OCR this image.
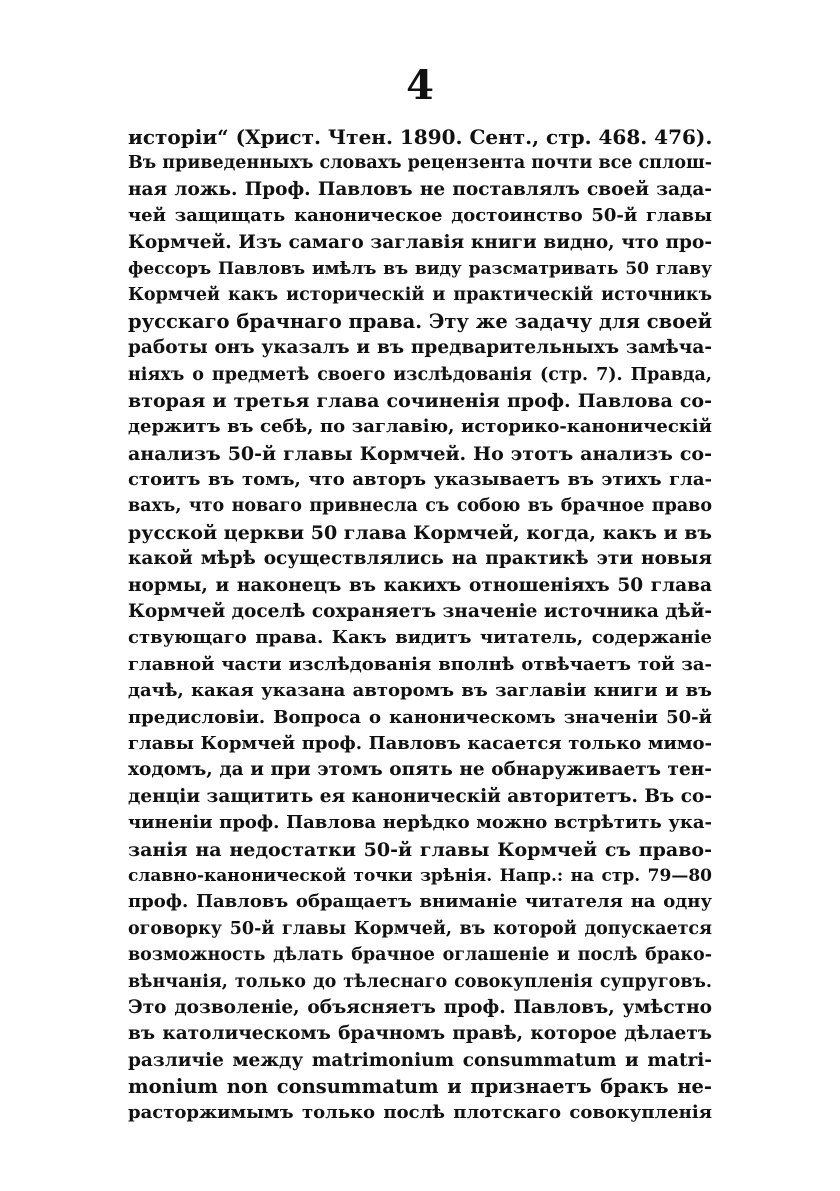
4
исторіи“ (Христ. Чтен. 1890. Сент., стр. 468. 476).
Въ приведенныхъ словахъ рецензента почти все сплош-
ная ложь. Проф. Павловъ не поставлялъ своей зада-
чей защищать каноническое достоинство 50-й главы
Кормчей. Изъ самаго заглавія книги видно, что про-
фессоръ Павловъ имѣлъ въ виду разсматривать 50 главу
Кормчей какъ историческій и практическій источникъ
русскаго брачнаго права. Эту же задачу для своей
работы онъ указалъ и въ предварительныхъ замѣча-
ніяхъ о предметѣ своего изслѣдованія (стр. 7). Правда,
вторая и третья глава сочиненія проф. Павлова со-
держитъ въ себѣ, по заглавію, историко-каноническій
анализъ 50-й главы Кормчей. Но этотъ анализъ со-
стоитъ въ томъ, что авторъ указываетъ въ этихъ гла-
вахъ, что новаго привнесла съ собою въ брачное право
русской церкви 50 глава Кормчей, когда, какъ и въ
какой мѣрѣ осуществлялись на практикѣ эти новыя
нормы, и наконецъ въ какихъ отношеніяхъ 50 глава
Кормчей доселѣ сохраняетъ значеніе источника дѣй-
ствующаго права. Какъ видитъ читатель, содержаніе
главной части изслѣдованія вполнѣ отвѣчаетъ той за-
дачѣ, какая указана авторомъ въ заглавіи книги и въ
предисловіи. Вопроса о каноническомъ значеніи 50-й
главы Кормчей проф. Павловъ касается только мимо-
ходомъ, да и при этомъ опять не обнаруживаетъ тен-
денціи защитить ея каноническій авторитетъ. Въ со-
чиненіи проф. Павлова нерѣдко можно встрѣтить ука-
занія на недостатки 50-й главы Кормчей съ право-
славно-канонической точки зрѣнія. Напр.: на стр. 79—80
проф. Павловъ обращаетъ вниманіе читателя на одну
оговорку 50-й главы Кормчей, въ которой допускается
возможность дѣлать брачное оглашеніе и послѣ брако-
вѣнчанія, только до тѣлеснаго совокупленія супруговъ.
Это дозволеніе, объясняетъ проф. Павловъ, умѣстно
въ католическомъ брачномъ правѣ, которое дѣлаетъ
различіе между matrimonium consummatum и matri-
monium non consummatum и признаетъ бракъ не-
расторжимымъ только послѣ плотскаго совокупленія
